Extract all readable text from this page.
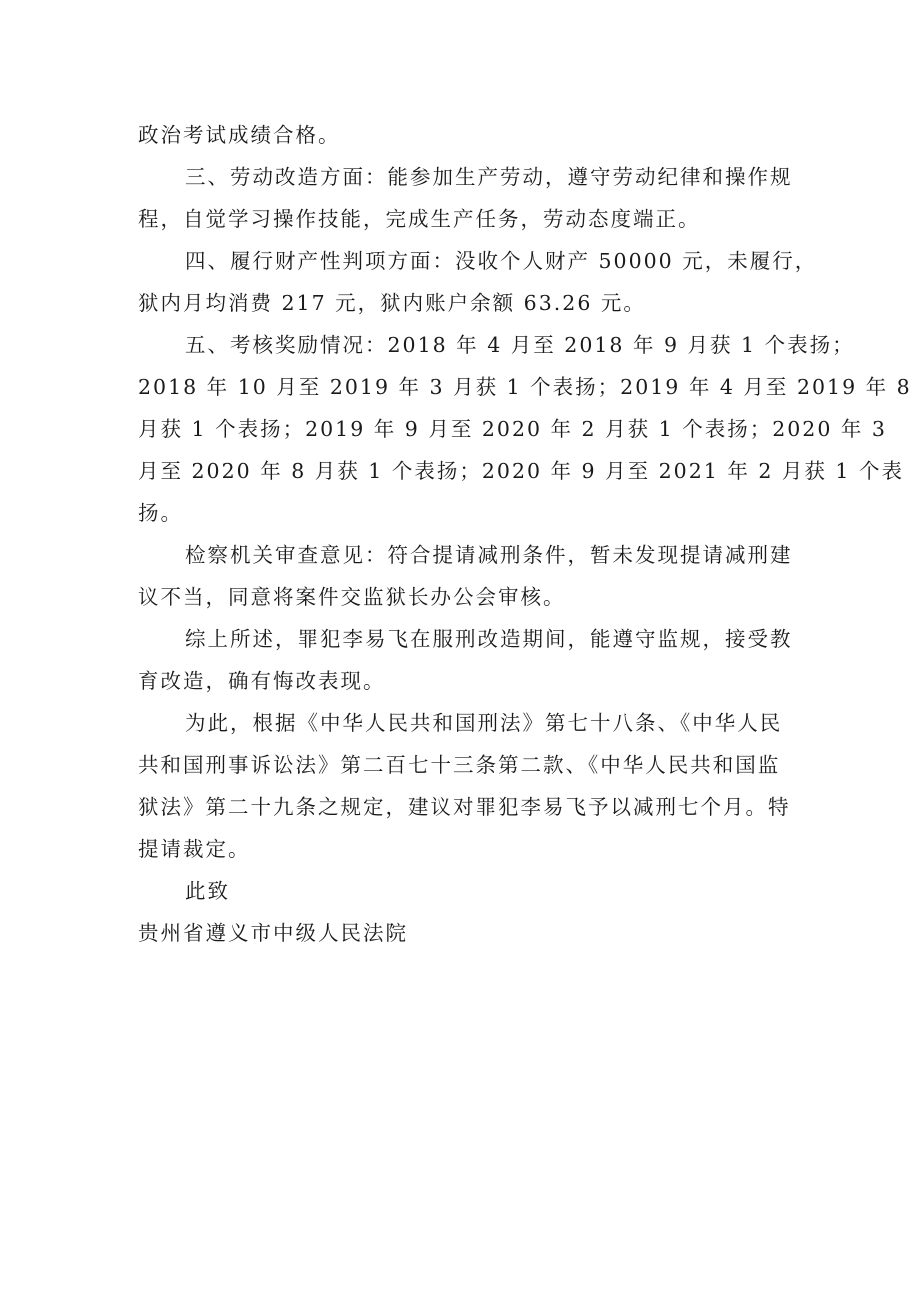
政治考试成绩合格。
三、劳动改造方面：能参加生产劳动，遵守劳动纪律和操作规
程，自觉学习操作技能，完成生产任务，劳动态度端正。
四、履行财产性判项方面：没收个人财产 50000 元，未履行，
狱内月均消费 217 元，狱内账户余额 63.26 元。
五、考核奖励情况：2018 年 4 月至 2018 年 9 月获 1 个表扬；
2018 年 10 月至 2019 年 3 月获 1 个表扬；2019 年 4 月至 2019 年 8
月获 1 个表扬；2019 年 9 月至 2020 年 2 月获 1 个表扬；2020 年 3
月至 2020 年 8 月获 1 个表扬；2020 年 9 月至 2021 年 2 月获 1 个表
扬。
检察机关审查意见：符合提请减刑条件，暂未发现提请减刑建
议不当，同意将案件交监狱长办公会审核。
综上所述，罪犯李易飞在服刑改造期间，能遵守监规，接受教
育改造，确有悔改表现。
为此，根据《中华人民共和国刑法》第七十八条、《中华人民
共和国刑事诉讼法》第二百七十三条第二款、《中华人民共和国监
狱法》第二十九条之规定，建议对罪犯李易飞予以减刑七个月。特
提请裁定。
此致
贵州省遵义市中级人民法院
